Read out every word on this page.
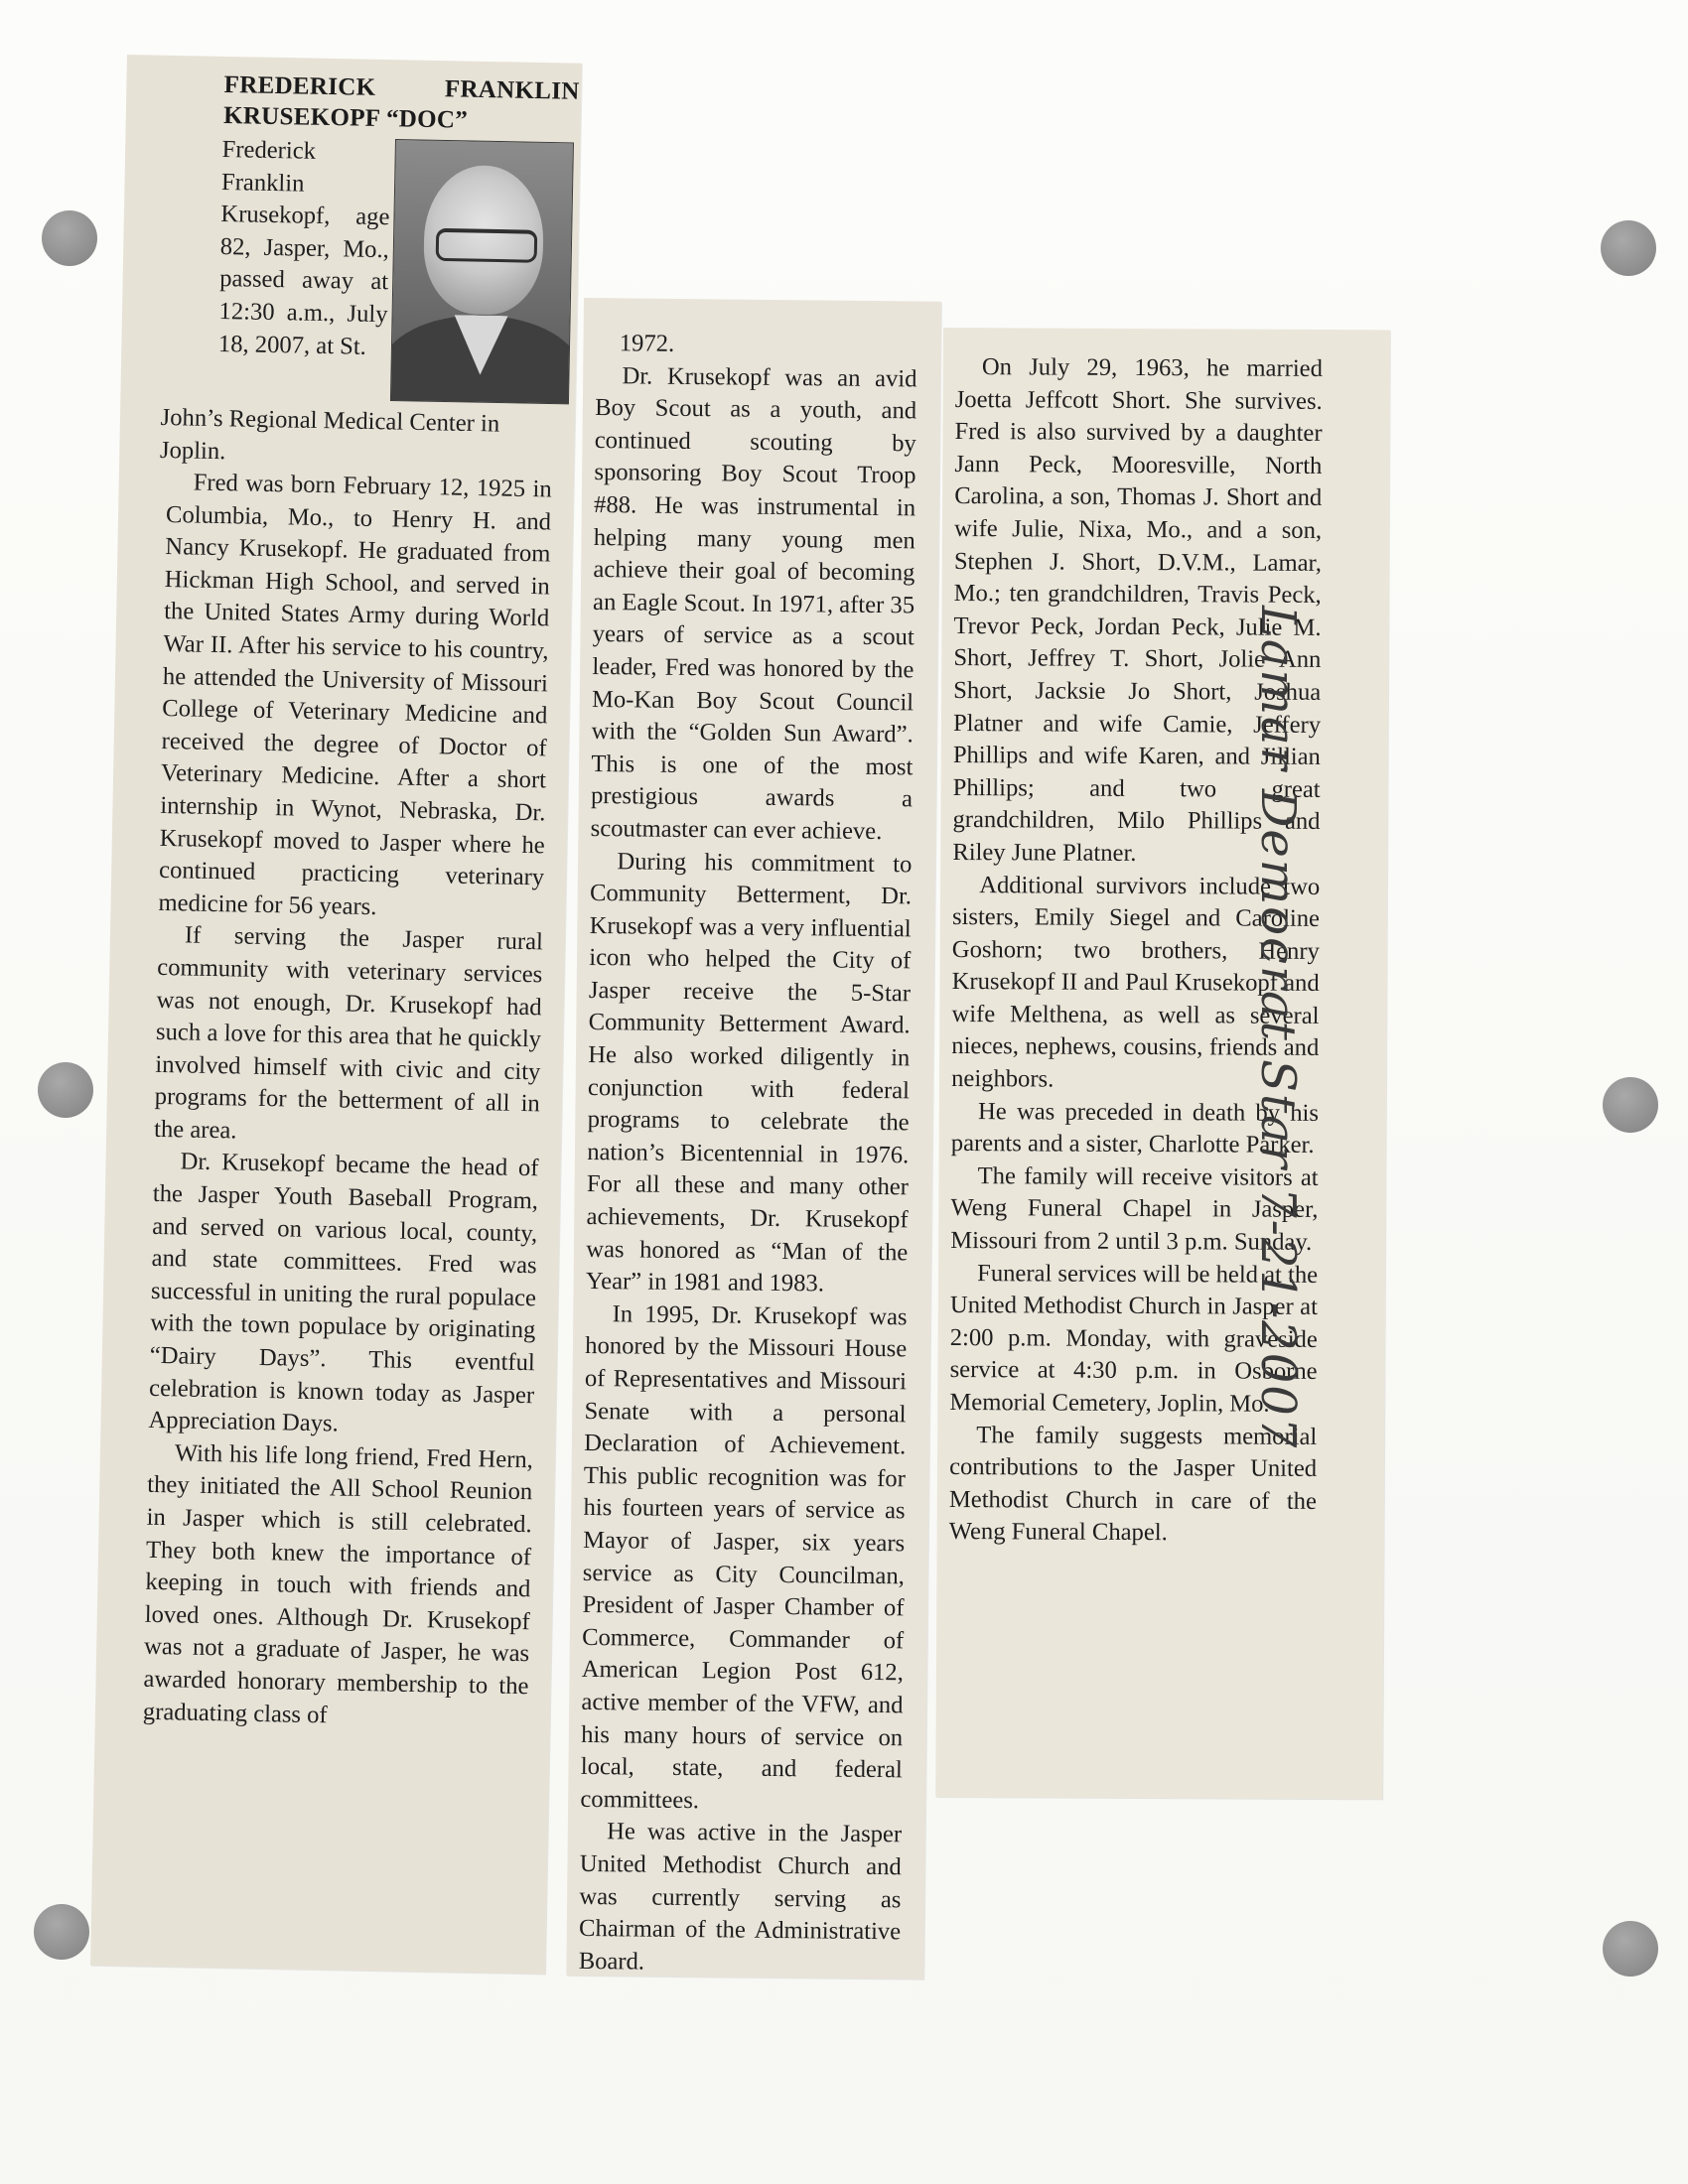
FREDERICK	FRANKLIN
KRUSEKOPF “DOC”
Frederick Franklin Krusekopf, age 82, Jasper, Mo., passed away at 12:30 a.m., July 18, 2007, at St.
John’s Regional Medical Center in Joplin.

Fred was born February 12, 1925 in Columbia, Mo., to Henry H. and Nancy Krusekopf. He graduated from Hickman High School, and served in the United States Army during World War II. After his service to his country, he attended the University of Missouri College of Veterinary Medicine and received the degree of Doctor of Veterinary Medicine. After a short internship in Wynot, Nebraska, Dr. Krusekopf moved to Jasper where he continued practicing veterinary medicine for 56 years.

If serving the Jasper rural community with veterinary services was not enough, Dr. Krusekopf had such a love for this area that he quickly involved himself with civic and city programs for the betterment of all in the area.

Dr. Krusekopf became the head of the Jasper Youth Baseball Program, and served on various local, county, and state committees. Fred was successful in uniting the rural populace with the town populace by originating “Dairy Days”. This eventful celebration is known today as Jasper Appreciation Days.

With his life long friend, Fred Hern, they initiated the All School Reunion in Jasper which is still celebrated. They both knew the importance of keeping in touch with friends and loved ones. Although Dr. Krusekopf was not a graduate of Jasper, he was awarded honorary membership to the graduating class of

1972.

Dr. Krusekopf was an avid Boy Scout as a youth, and continued scouting by sponsoring Boy Scout Troop #88. He was instrumental in helping many young men achieve their goal of becoming an Eagle Scout. In 1971, after 35 years of service as a scout leader, Fred was honored by the Mo-Kan Boy Scout Council with the “Golden Sun Award”. This is one of the most prestigious awards a scoutmaster can ever achieve.

During his commitment to Community Betterment, Dr. Krusekopf was a very influential icon who helped the City of Jasper receive the 5-Star Community Betterment Award. He also worked diligently in conjunction with federal programs to celebrate the nation’s Bicentennial in 1976. For all these and many other achievements, Dr. Krusekopf was honored as “Man of the Year” in 1981 and 1983.

In 1995, Dr. Krusekopf was honored by the Missouri House of Representatives and Missouri Senate with a personal Declaration of Achievement. This public recognition was for his fourteen years of service as Mayor of Jasper, six years service as City Councilman, President of Jasper Chamber of Commerce, Commander of American Legion Post 612, active member of the VFW, and his many hours of service on local, state, and federal committees.

He was active in the Jasper United Methodist Church and was currently serving as Chairman of the Administrative Board.

On July 29, 1963, he married Joetta Jeffcott Short. She survives. Fred is also survived by a daughter Jann Peck, Mooresville, North Carolina, a son, Thomas J. Short and wife Julie, Nixa, Mo., and a son, Stephen J. Short, D.V.M., Lamar, Mo.; ten grandchildren, Travis Peck, Trevor Peck, Jordan Peck, Julie M. Short, Jeffrey T. Short, Jolie Ann Short, Jacksie Jo Short, Joshua Platner and wife Camie, Jeffery Phillips and wife Karen, and Jillian Phillips; and two great grandchildren, Milo Phillips and Riley June Platner.

Additional survivors include two sisters, Emily Siegel and Caroline Goshorn; two brothers, Henry Krusekopf II and Paul Krusekopf and wife Melthena, as well as several nieces, nephews, cousins, friends and neighbors.

He was preceded in death by his parents and a sister, Charlotte Parker.

The family will receive visitors at Weng Funeral Chapel in Jasper, Missouri from 2 until 3 p.m. Sunday.

Funeral services will be held at the United Methodist Church in Jasper at 2:00 p.m. Monday, with graveside service at 4:30 p.m. in Osborne Memorial Cemetery, Joplin, Mo.

The family suggests memorial contributions to the Jasper United Methodist Church in care of the Weng Funeral Chapel.

Lamar Democrat Star 7-21-2007
